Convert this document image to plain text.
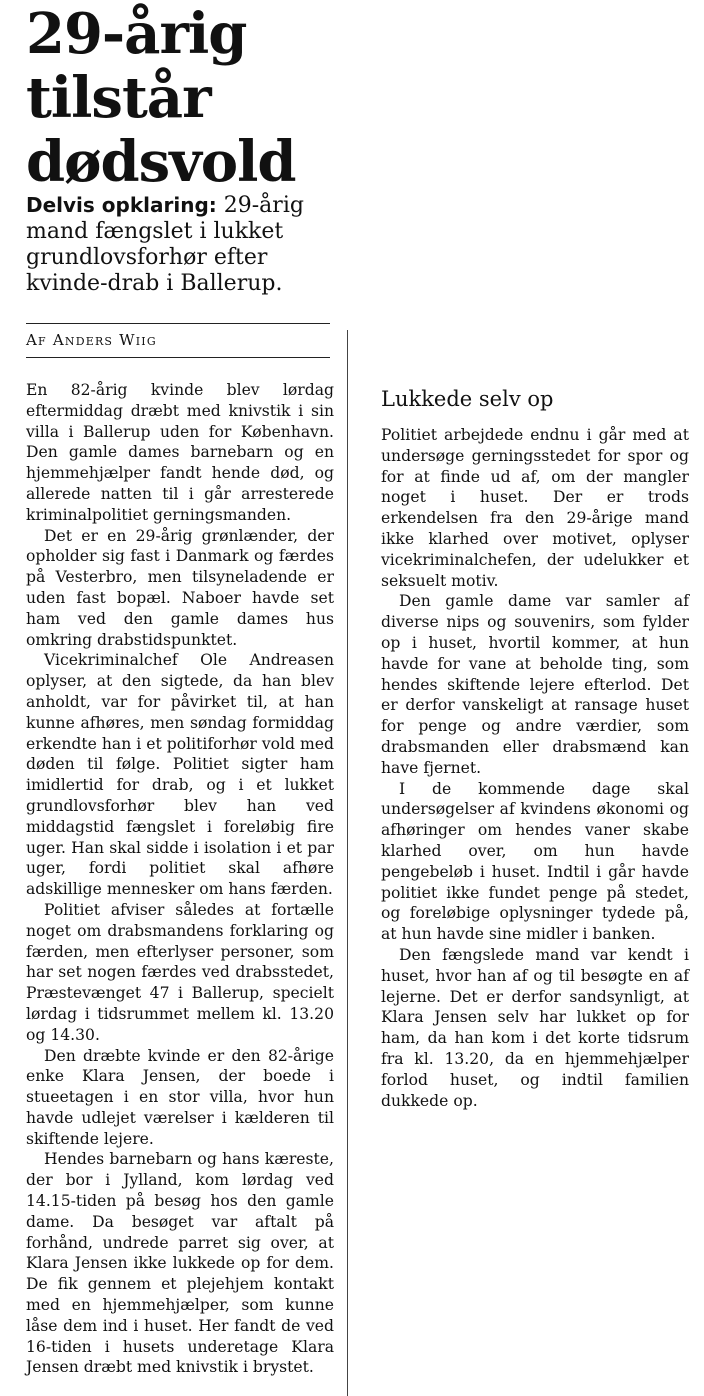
29-årig
tilstår
dødsvold
Delvis opklaring: 29-årig mand fængslet i lukket grundlovsforhør efter kvinde-drab i Ballerup.
Af Anders Wiig

En 82-årig kvinde blev lørdag eftermiddag dræbt med knivstik i sin villa i Ballerup uden for København. Den gamle dames barnebarn og en hjemmehjælper fandt hende død, og allerede natten til i går arresterede kriminalpolitiet gerningsmanden.

Det er en 29-årig grønlænder, der opholder sig fast i Danmark og færdes på Vesterbro, men tilsyneladende er uden fast bopæl. Naboer havde set ham ved den gamle dames hus omkring drabstidspunktet.

Vicekriminalchef Ole Andreasen oplyser, at den sigtede, da han blev anholdt, var for påvirket til, at han kunne afhøres, men søndag formiddag erkendte han i et politiforhør vold med døden til følge. Politiet sigter ham imidlertid for drab, og i et lukket grundlovsforhør blev han ved middagstid fængslet i foreløbig fire uger. Han skal sidde i isolation i et par uger, fordi politiet skal afhøre adskillige mennesker om hans færden.

Politiet afviser således at fortælle noget om drabsmandens forklaring og færden, men efterlyser personer, som har set nogen færdes ved drabsstedet, Præstevænget 47 i Ballerup, specielt lørdag i tidsrummet mellem kl. 13.20 og 14.30.

Den dræbte kvinde er den 82-årige enke Klara Jensen, der boede i stueetagen i en stor villa, hvor hun havde udlejet værelser i kælderen til skiftende lejere.

Hendes barnebarn og hans kæreste, der bor i Jylland, kom lørdag ved 14.15-tiden på besøg hos den gamle dame. Da besøget var aftalt på forhånd, undrede parret sig over, at Klara Jensen ikke lukkede op for dem. De fik gennem et plejehjem kontakt med en hjemmehjælper, som kunne låse dem ind i huset. Her fandt de ved 16-tiden i husets underetage Klara Jensen dræbt med knivstik i brystet.

Lukkede selv op

Politiet arbejdede endnu i går med at undersøge gerningsstedet for spor og for at finde ud af, om der mangler noget i huset. Der er trods erkendelsen fra den 29-årige mand ikke klarhed over motivet, oplyser vicekriminalchefen, der udelukker et seksuelt motiv.

Den gamle dame var samler af diverse nips og souvenirs, som fylder op i huset, hvortil kommer, at hun havde for vane at beholde ting, som hendes skiftende lejere efterlod. Det er derfor vanskeligt at ransage huset for penge og andre værdier, som drabsmanden eller drabsmænd kan have fjernet.

I de kommende dage skal undersøgelser af kvindens økonomi og afhøringer om hendes vaner skabe klarhed over, om hun havde pengebeløb i huset. Indtil i går havde politiet ikke fundet penge på stedet, og foreløbige oplysninger tydede på, at hun havde sine midler i banken.

Den fængslede mand var kendt i huset, hvor han af og til besøgte en af lejerne. Det er derfor sandsynligt, at Klara Jensen selv har lukket op for ham, da han kom i det korte tidsrum fra kl. 13.20, da en hjemmehjælper forlod huset, og indtil familien dukkede op.
